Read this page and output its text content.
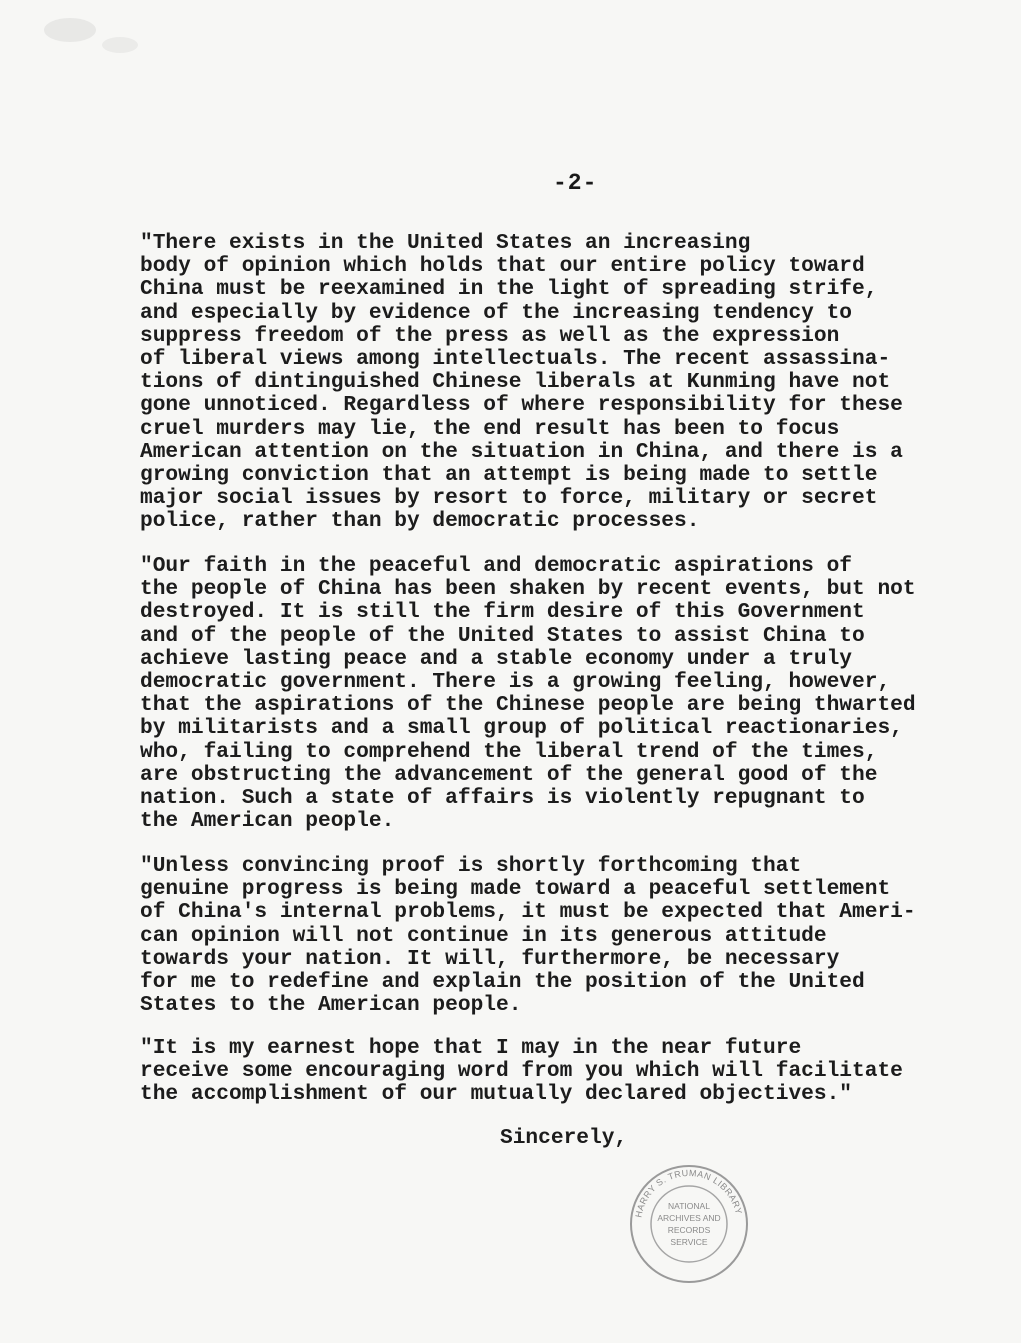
-2-

"There exists in the United States an increasing
body of opinion which holds that our entire policy toward
China must be reexamined in the light of spreading strife,
and especially by evidence of the increasing tendency to
suppress freedom of the press as well as the expression
of liberal views among intellectuals. The recent assassina-
tions of dintinguished Chinese liberals at Kunming have not
gone unnoticed. Regardless of where responsibility for these
cruel murders may lie, the end result has been to focus
American attention on the situation in China, and there is a
growing conviction that an attempt is being made to settle
major social issues by resort to force, military or secret
police, rather than by democratic processes.

"Our faith in the peaceful and democratic aspirations of
the people of China has been shaken by recent events, but not
destroyed. It is still the firm desire of this Government
and of the people of the United States to assist China to
achieve lasting peace and a stable economy under a truly
democratic government. There is a growing feeling, however,
that the aspirations of the Chinese people are being thwarted
by militarists and a small group of political reactionaries,
who, failing to comprehend the liberal trend of the times,
are obstructing the advancement of the general good of the
nation. Such a state of affairs is violently repugnant to
the American people.

"Unless convincing proof is shortly forthcoming that
genuine progress is being made toward a peaceful settlement
of China's internal problems, it must be expected that Ameri-
can opinion will not continue in its generous attitude
towards your nation. It will, furthermore, be necessary
for me to redefine and explain the position of the United
States to the American people.

"It is my earnest hope that I may in the near future
receive some encouraging word from you which will facilitate
the accomplishment of our mutually declared objectives."

Sincerely,
HARRY S. TRUMAN LIBRARY
NATIONAL
ARCHIVES AND
RECORDS
SERVICE
